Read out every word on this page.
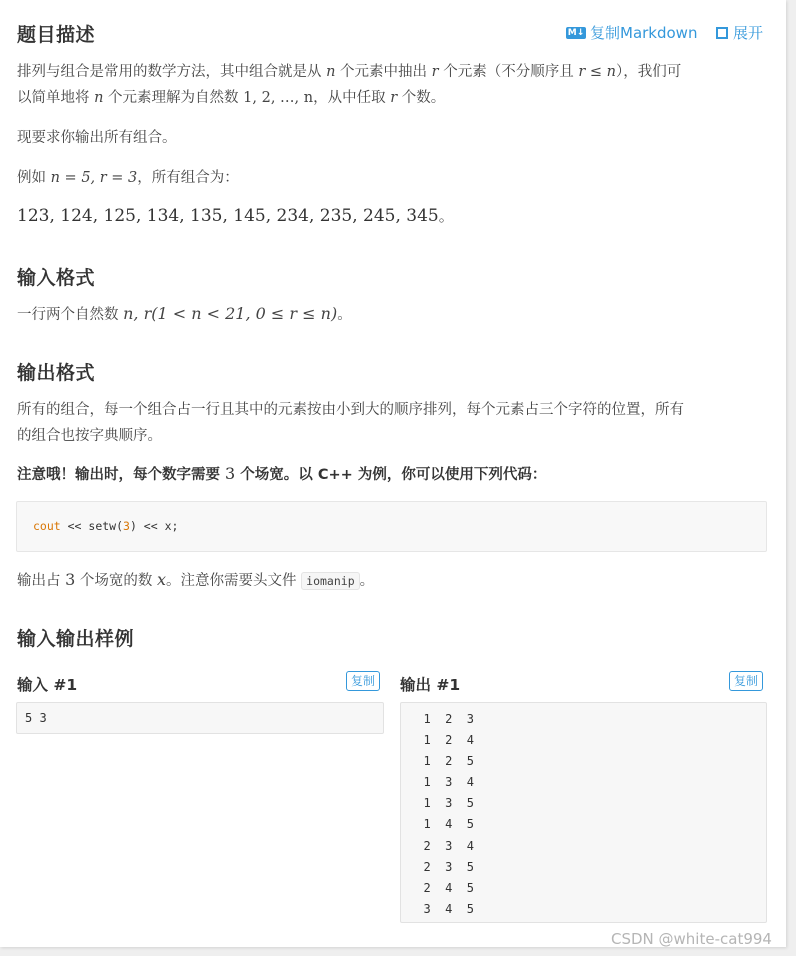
题目描述	M↓ 复制Markdown 展开
排列与组合是常用的数学方法，其中组合就是从 n 个元素中抽出 r 个元素（不分顺序且 r ≤ n），我们可
以简单地将 n 个元素理解为自然数 1, 2, …, n，从中任取 r 个数。
现要求你输出所有组合。
例如 n = 5, r = 3，所有组合为：
123, 124, 125, 134, 135, 145, 234, 235, 245, 345。
输入格式
一行两个自然数 n, r(1 < n < 21, 0 ≤ r ≤ n)。
输出格式
所有的组合，每一个组合占一行且其中的元素按由小到大的顺序排列，每个元素占三个字符的位置，所有
的组合也按字典顺序。
注意哦！输出时，每个数字需要 3 个场宽。以 C++ 为例，你可以使用下列代码：
cout << setw(3) << x;
输出占 3 个场宽的数 x。注意你需要头文件 iomanip 。
输入输出样例
输入 #1	复制
5 3
输出 #1	复制
1  2  3
1  2  4
1  2  5
1  3  4
1  3  5
1  4  5
2  3  4
2  3  5
2  4  5
3  4  5
CSDN @white-cat994
